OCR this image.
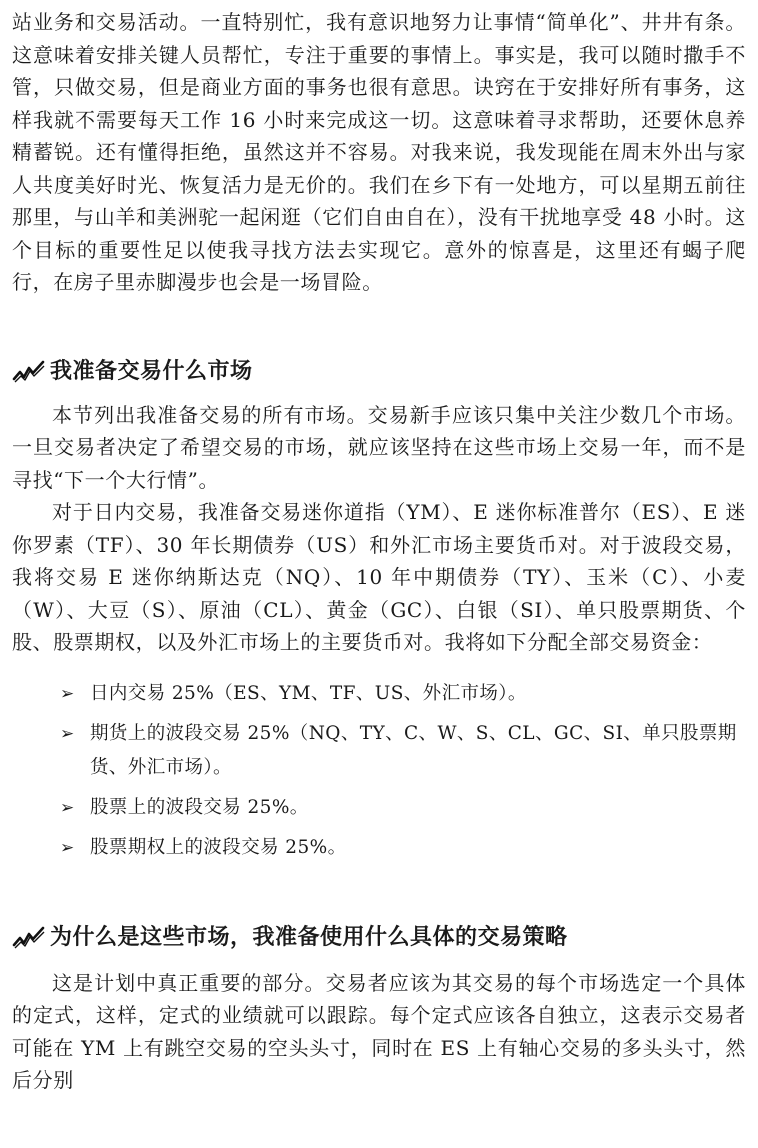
站业务和交易活动。一直特别忙，我有意识地努力让事情“简单化”、井井有条。这意味着安排关键人员帮忙，专注于重要的事情上。事实是，我可以随时撒手不管，只做交易，但是商业方面的事务也很有意思。诀窍在于安排好所有事务，这样我就不需要每天工作 16 小时来完成这一切。这意味着寻求帮助，还要休息养精蓄锐。还有懂得拒绝，虽然这并不容易。对我来说，我发现能在周末外出与家人共度美好时光、恢复活力是无价的。我们在乡下有一处地方，可以星期五前往那里，与山羊和美洲驼一起闲逛（它们自由自在），没有干扰地享受 48 小时。这个目标的重要性足以使我寻找方法去实现它。意外的惊喜是，这里还有蝎子爬行，在房子里赤脚漫步也会是一场冒险。

我准备交易什么市场

本节列出我准备交易的所有市场。交易新手应该只集中关注少数几个市场。一旦交易者决定了希望交易的市场，就应该坚持在这些市场上交易一年，而不是寻找“下一个大行情”。

对于日内交易，我准备交易迷你道指（YM）、E 迷你标准普尔（ES）、E 迷你罗素（TF）、30 年长期债券（US）和外汇市场主要货币对。对于波段交易，我将交易 E 迷你纳斯达克（NQ）、10 年中期债券（TY）、玉米（C）、小麦（W）、大豆（S）、原油（CL）、黄金（GC）、白银（SI）、单只股票期货、个股、股票期权，以及外汇市场上的主要货币对。我将如下分配全部交易资金：

➢ 日内交易 25%（ES、YM、TF、US、外汇市场）。
➢ 期货上的波段交易 25%（NQ、TY、C、W、S、CL、GC、SI、单只股票期货、外汇市场）。
➢ 股票上的波段交易 25%。
➢ 股票期权上的波段交易 25%。
为什么是这些市场，我准备使用什么具体的交易策略

这是计划中真正重要的部分。交易者应该为其交易的每个市场选定一个具体的定式，这样，定式的业绩就可以跟踪。每个定式应该各自独立，这表示交易者可能在 YM 上有跳空交易的空头头寸，同时在 ES 上有轴心交易的多头头寸，然后分别
